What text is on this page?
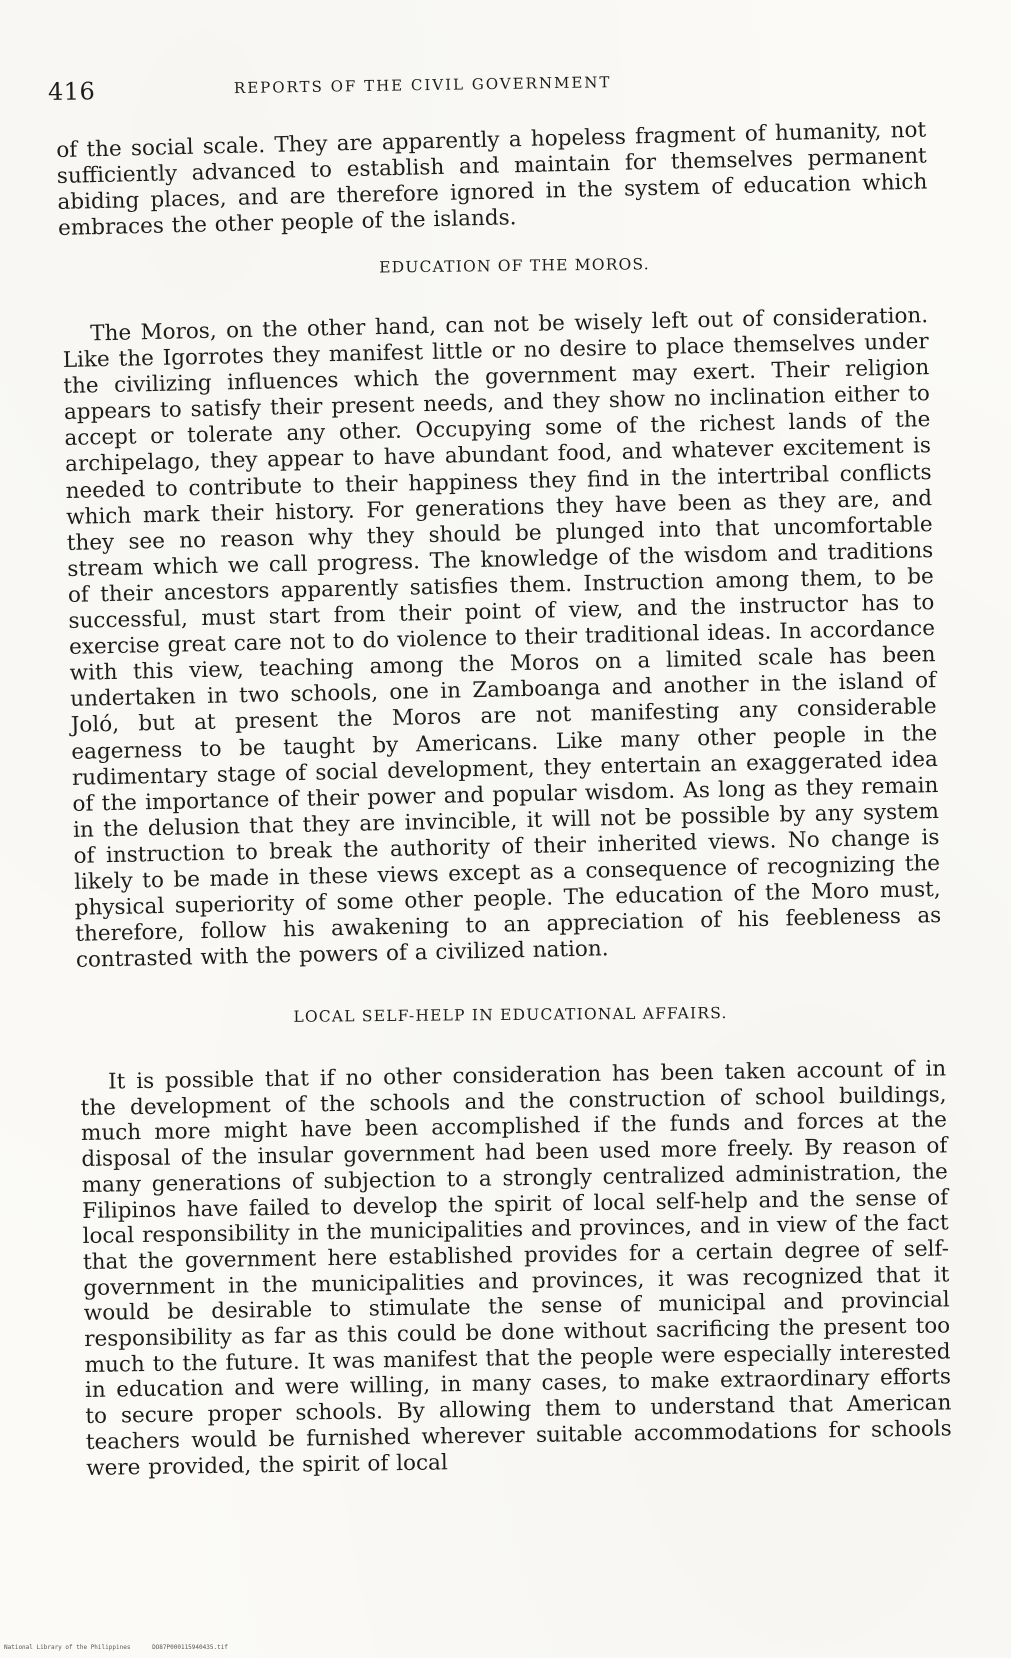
416	REPORTS OF THE CIVIL GOVERNMENT

of the social scale. They are apparently a hopeless fragment of humanity, not sufficiently advanced to establish and maintain for themselves permanent abiding places, and are therefore ignored in the system of education which embraces the other people of the islands.

EDUCATION OF THE MOROS.

The Moros, on the other hand, can not be wisely left out of consideration. Like the Igorrotes they manifest little or no desire to place themselves under the civilizing influences which the government may exert. Their religion appears to satisfy their present needs, and they show no inclination either to accept or tolerate any other. Occupying some of the richest lands of the archipelago, they appear to have abundant food, and whatever excitement is needed to contribute to their happiness they find in the intertribal conflicts which mark their history. For generations they have been as they are, and they see no reason why they should be plunged into that uncomfortable stream which we call progress. The knowledge of the wisdom and traditions of their ancestors apparently satisfies them. Instruction among them, to be successful, must start from their point of view, and the instructor has to exercise great care not to do violence to their traditional ideas. In accordance with this view, teaching among the Moros on a limited scale has been undertaken in two schools, one in Zamboanga and another in the island of Joló, but at present the Moros are not manifesting any considerable eagerness to be taught by Americans. Like many other people in the rudimentary stage of social development, they entertain an exaggerated idea of the importance of their power and popular wisdom. As long as they remain in the delusion that they are invincible, it will not be possible by any system of instruction to break the authority of their inherited views. No change is likely to be made in these views except as a consequence of recognizing the physical superiority of some other people. The education of the Moro must, therefore, follow his awakening to an appreciation of his feebleness as contrasted with the powers of a civilized nation.

LOCAL SELF-HELP IN EDUCATIONAL AFFAIRS.

It is possible that if no other consideration has been taken account of in the development of the schools and the construction of school buildings, much more might have been accomplished if the funds and forces at the disposal of the insular government had been used more freely. By reason of many generations of subjection to a strongly centralized administration, the Filipinos have failed to develop the spirit of local self-help and the sense of local responsibility in the municipalities and provinces, and in view of the fact that the government here established provides for a certain degree of self-government in the municipalities and provinces, it was recognized that it would be desirable to stimulate the sense of municipal and provincial responsibility as far as this could be done without sacrificing the present too much to the future. It was manifest that the people were especially interested in education and were willing, in many cases, to make extraordinary efforts to secure proper schools. By allowing them to understand that American teachers would be furnished wherever suitable accommodations for schools were provided, the spirit of local

National Library of the Philippines	DO87P000115940435.tif
